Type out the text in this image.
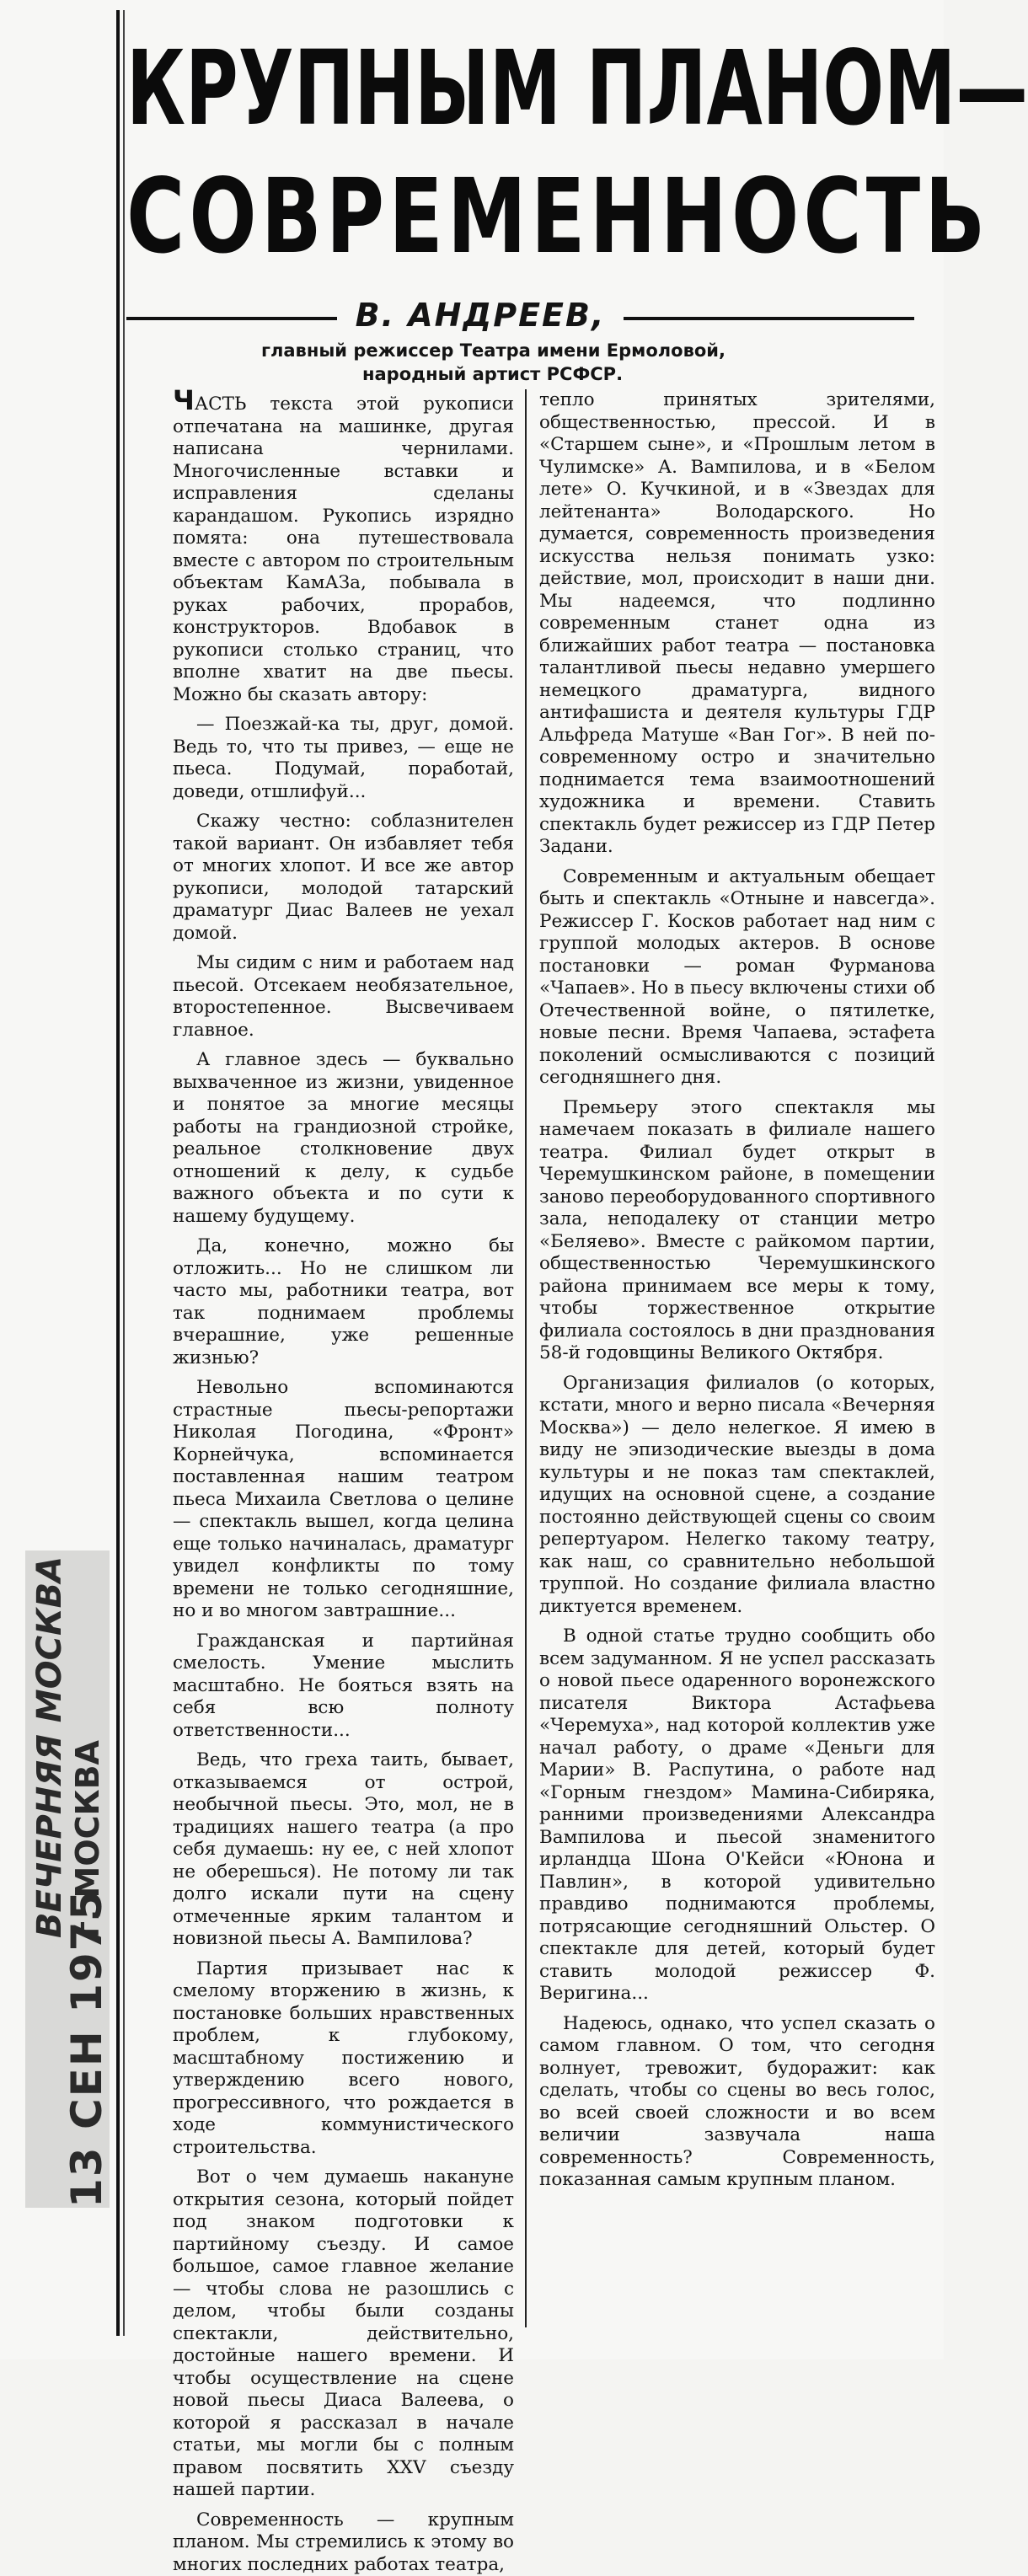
КРУПНЫМ ПЛАНОМ—
СОВРЕМЕННОСТЬ
В. АНДРЕЕВ,
главный режиссер Театра имени Ермоловой,
народный артист РСФСР.

ЧАСТЬ текста этой рукописи отпечатана на машинке, другая написана чернилами. Многочисленные вставки и исправления сделаны карандашом. Рукопись изрядно помята: она путешествовала вместе с автором по строительным объектам КамАЗа, побывала в руках рабочих, прорабов, конструкторов. Вдобавок в рукописи столько страниц, что вполне хватит на две пьесы. Можно бы сказать автору:

— Поезжай-ка ты, друг, домой. Ведь то, что ты привез, — еще не пьеса. Подумай, поработай, доведи, отшлифуй...

Скажу честно: соблазнителен такой вариант. Он избавляет тебя от многих хлопот. И все же автор рукописи, молодой татарский драматург Диас Валеев не уехал домой.

Мы сидим с ним и работаем над пьесой. Отсекаем необязательное, второстепенное. Высвечиваем главное.

А главное здесь — буквально выхваченное из жизни, увиденное и понятое за многие месяцы работы на грандиозной стройке, реальное столкновение двух отношений к делу, к судьбе важного объекта и по сути к нашему будущему.

Да, конечно, можно бы отложить... Но не слишком ли часто мы, работники театра, вот так поднимаем проблемы вчерашние, уже решенные жизнью?

Невольно вспоминаются страстные пьесы-репортажи Николая Погодина, «Фронт» Корнейчука, вспоминается поставленная нашим театром пьеса Михаила Светлова о целине — спектакль вышел, когда целина еще только начиналась, драматург увидел конфликты по тому времени не только сегодняшние, но и во многом завтрашние...

Гражданская и партийная смелость. Умение мыслить масштабно. Не бояться взять на себя всю полноту ответственности...

Ведь, что греха таить, бывает, отказываемся от острой, необычной пьесы. Это, мол, не в традициях нашего театра (а про себя думаешь: ну ее, с ней хлопот не оберешься). Не потому ли так долго искали пути на сцену отмеченные ярким талантом и новизной пьесы А. Вампилова?

Партия призывает нас к смелому вторжению в жизнь, к постановке больших нравственных проблем, к глубокому, масштабному постижению и утверждению всего нового, прогрессивного, что рождается в ходе коммунистического строительства.

Вот о чем думаешь накануне открытия сезона, который пойдет под знаком подготовки к партийному съезду. И самое большое, самое главное желание — чтобы слова не разошлись с делом, чтобы были созданы спектакли, действительно, достойные нашего времени. И чтобы осуществление на сцене новой пьесы Диаса Валеева, о которой я рассказал в начале статьи, мы могли бы с полным правом посвятить XXV съезду нашей партии.

Современность — крупным планом. Мы стремились к этому во многих последних работах театра,

тепло принятых зрителями, общественностью, прессой. И в «Старшем сыне», и «Прошлым летом в Чулимске» А. Вампилова, и в «Белом лете» О. Кучкиной, и в «Звездах для лейтенанта» Володарского. Но думается, современность произведения искусства нельзя понимать узко: действие, мол, происходит в наши дни. Мы надеемся, что подлинно современным станет одна из ближайших работ театра — постановка талантливой пьесы недавно умершего немецкого драматурга, видного антифашиста и деятеля культуры ГДР Альфреда Матуше «Ван Гог». В ней по-современному остро и значительно поднимается тема взаимоотношений художника и времени. Ставить спектакль будет режиссер из ГДР Петер Задани.

Современным и актуальным обещает быть и спектакль «Отныне и навсегда». Режиссер Г. Косков работает над ним с группой молодых актеров. В основе постановки — роман Фурманова «Чапаев». Но в пьесу включены стихи об Отечественной войне, о пятилетке, новые песни. Время Чапаева, эстафета поколений осмысливаются с позиций сегодняшнего дня.

Премьеру этого спектакля мы намечаем показать в филиале нашего театра. Филиал будет открыт в Черемушкинском районе, в помещении заново переоборудованного спортивного зала, неподалеку от станции метро «Беляево». Вместе с райкомом партии, общественностью Черемушкинского района принимаем все меры к тому, чтобы торжественное открытие филиала состоялось в дни празднования 58-й годовщины Великого Октября.

Организация филиалов (о которых, кстати, много и верно писала «Вечерняя Москва») — дело нелегкое. Я имею в виду не эпизодические выезды в дома культуры и не показ там спектаклей, идущих на основной сцене, а создание постоянно действующей сцены со своим репертуаром. Нелегко такому театру, как наш, со сравнительно небольшой труппой. Но создание филиала властно диктуется временем.

В одной статье трудно сообщить обо всем задуманном. Я не успел рассказать о новой пьесе одаренного воронежского писателя Виктора Астафьева «Черемуха», над которой коллектив уже начал работу, о драме «Деньги для Марии» В. Распутина, о работе над «Горным гнездом» Мамина-Сибиряка, ранними произведениями Александра Вампилова и пьесой знаменитого ирландца Шона О'Кейси «Юнона и Павлин», в которой удивительно правдиво поднимаются проблемы, потрясающие сегодняшний Ольстер. О спектакле для детей, который будет ставить молодой режиссер Ф. Веригина...

Надеюсь, однако, что успел сказать о самом главном. О том, что сегодня волнует, тревожит, будоражит: как сделать, чтобы со сцены во весь голос, во всей своей сложности и во всем величии зазвучала наша современность? Современность, показанная самым крупным планом.

13 СЕН 1975
ВЕЧЕРНЯЯ МОСКВА г. МОСКВА
